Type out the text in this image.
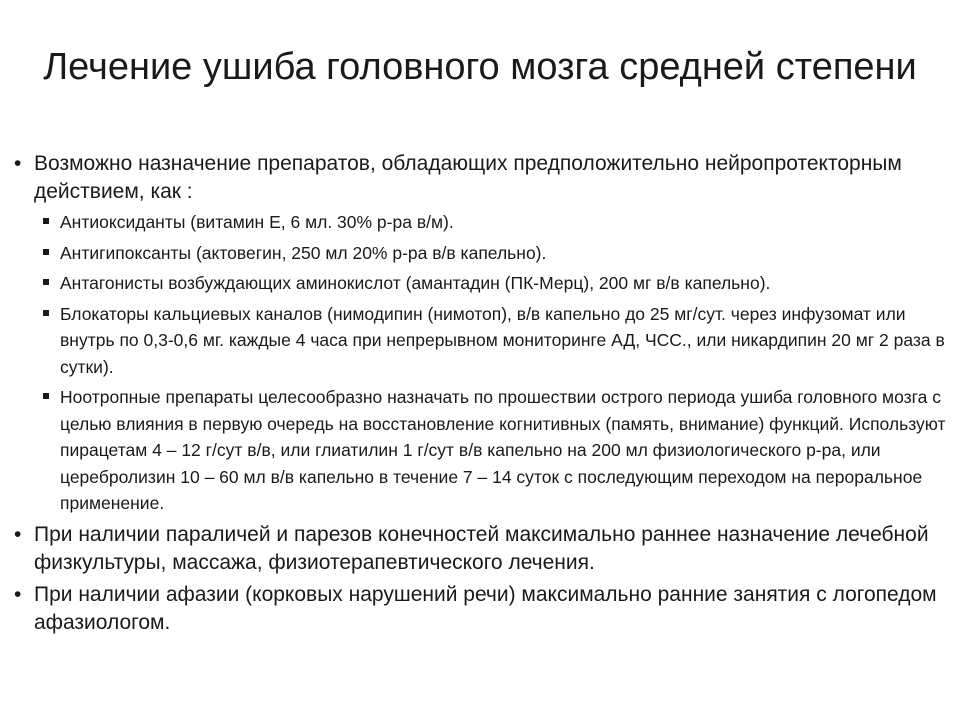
Лечение ушиба головного мозга средней степени
• Возможно назначение препаратов, обладающих предположительно нейропротекторным действием, как :
Антиоксиданты (витамин Е, 6 мл. 30% р-ра в/м).
Антигипоксанты (актовегин, 250 мл 20% р-ра в/в капельно).
Антагонисты возбуждающих аминокислот (амантадин (ПК-Мерц), 200 мг в/в капельно).
Блокаторы кальциевых каналов (нимодипин (нимотоп), в/в капельно до 25 мг/сут. через инфузомат или внутрь по 0,3-0,6 мг. каждые 4 часа при непрерывном мониторинге АД, ЧСС., или никардипин 20 мг 2 раза в сутки).
Ноотропные препараты целесообразно назначать по прошествии острого периода ушиба головного мозга с целью влияния в первую очередь на восстановление когнитивных (память, внимание) функций. Используют пирацетам 4 – 12 г/сут в/в, или глиатилин 1 г/сут в/в капельно на 200 мл физиологического р-ра, или церебролизин 10 – 60 мл в/в капельно в течение 7 – 14 суток с последующим переходом на пероральное применение.
• При наличии параличей и парезов конечностей максимально раннее назначение лечебной физкультуры, массажа, физиотерапевтического лечения.
• При наличии афазии (корковых нарушений речи) максимально ранние занятия с логопедом афазиологом.
